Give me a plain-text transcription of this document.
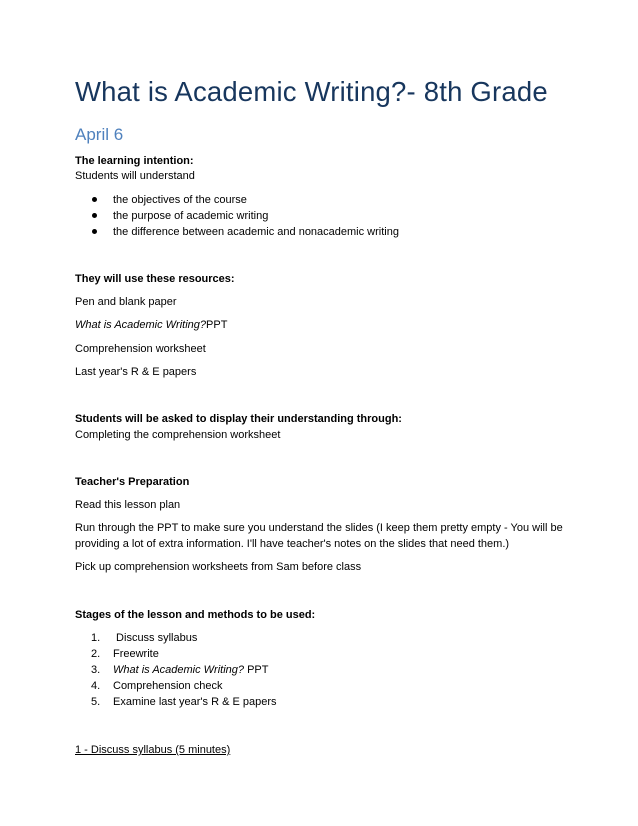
What is Academic Writing?- 8th Grade
April 6

The learning intention:

Students will understand

the objectives of the course
the purpose of academic writing
the difference between academic and nonacademic writing

They will use these resources:

Pen and blank paper

What is Academic Writing?PPT

Comprehension worksheet

Last year's R & E papers

Students will be asked to display their understanding through:

Completing the comprehension worksheet

Teacher's Preparation

Read this lesson plan

Run through the PPT to make sure you understand the slides (I keep them pretty empty - You will be

providing a lot of extra information. I'll have teacher's notes on the slides that need them.)

Pick up comprehension worksheets from Sam before class

Stages of the lesson and methods to be used:

1. Discuss syllabus
2. Freewrite
3. What is Academic Writing? PPT
4. Comprehension check
5. Examine last year's R & E papers

1 - Discuss syllabus (5 minutes)
